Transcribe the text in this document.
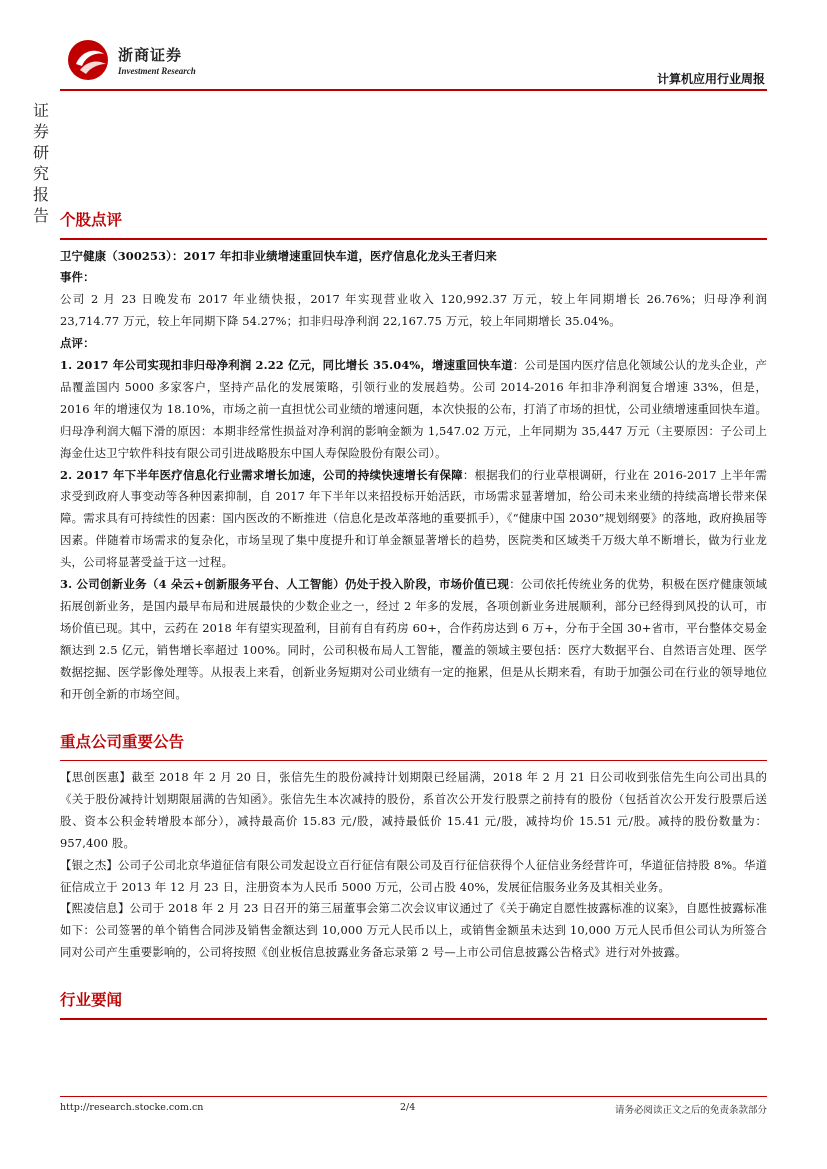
浙商证券
Investment Research
计算机应用行业周报
证券研究报告 个股点评

卫宁健康（300253）：2017 年扣非业绩增速重回快车道，医疗信息化龙头王者归来

事件：

公司 2 月 23 日晚发布 2017 年业绩快报，2017 年实现营业收入 120,992.37 万元，较上年同期增长 26.76%；归母净利润 23,714.77 万元，较上年同期下降 54.27%；扣非归母净利润 22,167.75 万元，较上年同期增长 35.04%。

点评：

1. 2017 年公司实现扣非归母净利润 2.22 亿元，同比增长 35.04%，增速重回快车道：公司是国内医疗信息化领域公认的龙头企业，产品覆盖国内 5000 多家客户，坚持产品化的发展策略，引领行业的发展趋势。公司 2014-2016 年扣非净利润复合增速 33%，但是，2016 年的增速仅为 18.10%，市场之前一直担忧公司业绩的增速问题，本次快报的公布，打消了市场的担忧，公司业绩增速重回快车道。归母净利润大幅下滑的原因：本期非经常性损益对净利润的影响金额为 1,547.02 万元，上年同期为 35,447 万元（主要原因：子公司上海金仕达卫宁软件科技有限公司引进战略股东中国人寿保险股份有限公司）。

2. 2017 年下半年医疗信息化行业需求增长加速，公司的持续快速增长有保障：根据我们的行业草根调研，行业在 2016-2017 上半年需求受到政府人事变动等各种因素抑制，自 2017 年下半年以来招投标开始活跃，市场需求显著增加，给公司未来业绩的持续高增长带来保障。需求具有可持续性的因素：国内医改的不断推进（信息化是改革落地的重要抓手），《“健康中国 2030”规划纲要》的落地，政府换届等因素。伴随着市场需求的复杂化，市场呈现了集中度提升和订单金额显著增长的趋势，医院类和区域类千万级大单不断增长，做为行业龙头，公司将显著受益于这一过程。

3. 公司创新业务（4 朵云+创新服务平台、人工智能）仍处于投入阶段，市场价值已现：公司依托传统业务的优势，积极在医疗健康领域拓展创新业务，是国内最早布局和进展最快的少数企业之一，经过 2 年多的发展，各项创新业务进展顺利，部分已经得到风投的认可，市场价值已现。其中，云药在 2018 年有望实现盈利，目前有自有药房 60+，合作药房达到 6 万+，分布于全国 30+省市，平台整体交易金额达到 2.5 亿元，销售增长率超过 100%。同时，公司积极布局人工智能，覆盖的领域主要包括：医疗大数据平台、自然语言处理、医学数据挖掘、医学影像处理等。从报表上来看，创新业务短期对公司业绩有一定的拖累，但是从长期来看，有助于加强公司在行业的领导地位和开创全新的市场空间。

重点公司重要公告

【思创医惠】截至 2018 年 2 月 20 日，张信先生的股份减持计划期限已经届满，2018 年 2 月 21 日公司收到张信先生向公司出具的《关于股份减持计划期限届满的告知函》。张信先生本次减持的股份，系首次公开发行股票之前持有的股份（包括首次公开发行股票后送股、资本公积金转增股本部分），减持最高价 15.83 元/股，减持最低价 15.41 元/股，减持均价 15.51 元/股。减持的股份数量为：957,400 股。

【银之杰】公司子公司北京华道征信有限公司发起设立百行征信有限公司及百行征信获得个人征信业务经营许可，华道征信持股 8%。华道征信成立于 2013 年 12 月 23 日，注册资本为人民币 5000 万元，公司占股 40%，发展征信服务业务及其相关业务。

【熙凌信息】公司于 2018 年 2 月 23 日召开的第三届董事会第二次会议审议通过了《关于确定自愿性披露标准的议案》，自愿性披露标准如下：公司签署的单个销售合同涉及销售金额达到 10,000 万元人民币以上，或销售金额虽未达到 10,000 万元人民币但公司认为所签合同对公司产生重要影响的，公司将按照《创业板信息披露业务备忘录第 2 号—上市公司信息披露公告格式》进行对外披露。

行业要闻
http://research.stocke.com.cn	2/4	请务必阅读正文之后的免责条款部分
